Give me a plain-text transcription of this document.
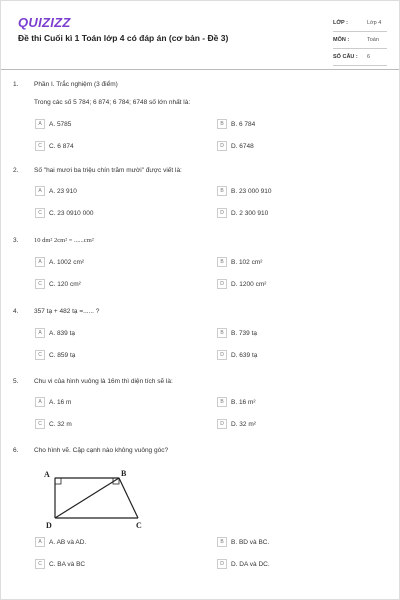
QUIZIZZ
Đề thi Cuối kì 1 Toán lớp 4 có đáp án (cơ bản - Đề 3)
LỚP :	Lớp 4
MÔN :	Toán
SỐ CÂU : 6
1. Phần I. Trắc nghiệm (3 điểm)
Trong các số 5 784; 6 874; 6 784; 6748 số lớn nhất là:
A	A. 5785	B	B. 6 784
C	C. 6 874	D	D. 6748
2. Số "hai mươi ba triệu chín trăm mười" được viết là:
A	A. 23 910	B	B. 23 000 910
C	C. 23 0910 000	D	D. 2 300 910
3. 10 dm² 2cm² = ......cm²
A	A. 1002 cm²	B	B. 102 cm²
C	C. 120 cm²	D	D. 1200 cm²
4. 357 tạ + 482 tạ =...... ?
A	A. 839 tạ	B	B. 739 tạ
C	C. 859 tạ	D	D. 639 tạ
5. Chu vi của hình vuông là 16m thì diện tích sẽ là:
A	A. 16 m	B	B. 16 m²
C	C. 32 m	D	D. 32 m²
6. Cho hình vẽ. Cặp cạnh nào không vuông góc?
A	B
C
D
A	A. AB và AD.	B	B. BD và BC.
C	C. BA và BC	D	D. DA và DC.
